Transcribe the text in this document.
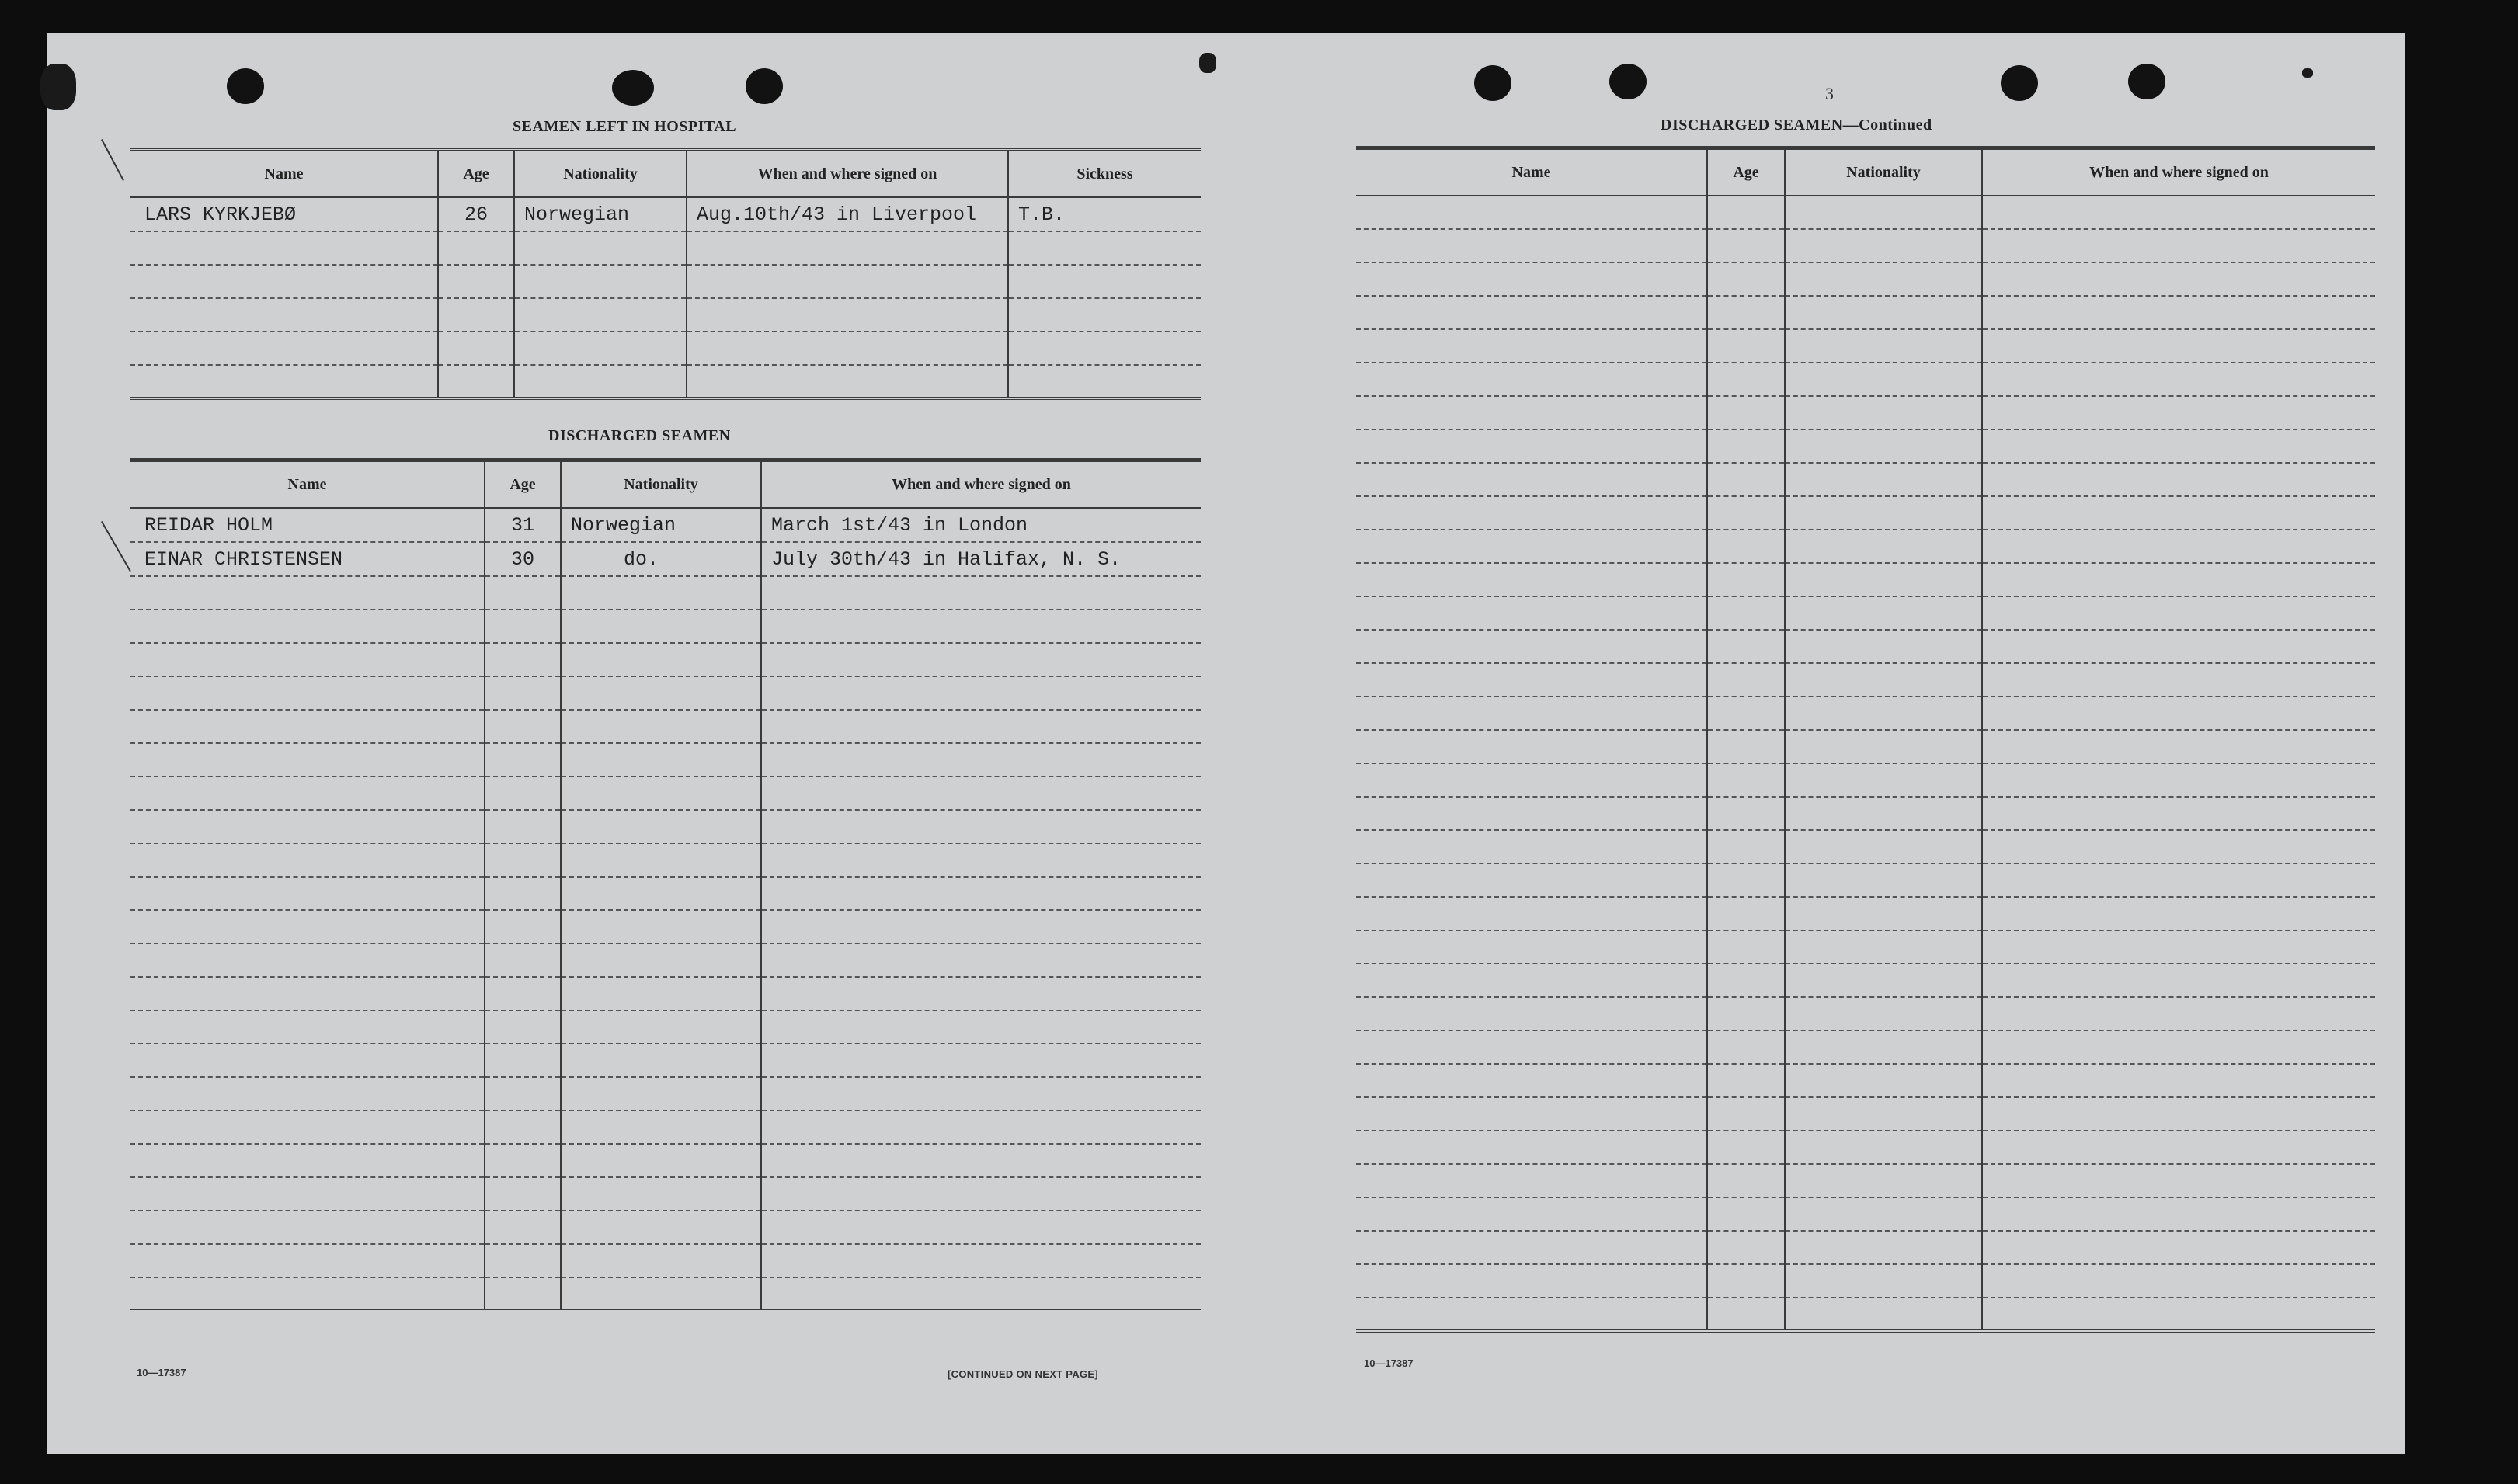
SEAMEN LEFT IN HOSPITAL
Name	Age	Nationality	When and where signed on	Sickness
LARS KYRKJEBØ	26	Norwegian	Aug.10th/43 in Liverpool	T.B.

DISCHARGED SEAMEN
Name	Age	Nationality	When and where signed on
REIDAR HOLM	31	Norwegian	March 1st/43 in London
EINAR CHRISTENSEN	30	do.	July 30th/43 in Halifax, N. S.

10—17387	[CONTINUED ON NEXT PAGE]
3
DISCHARGED SEAMEN—Continued
Name	Age	Nationality	When and where signed on

10—17387
